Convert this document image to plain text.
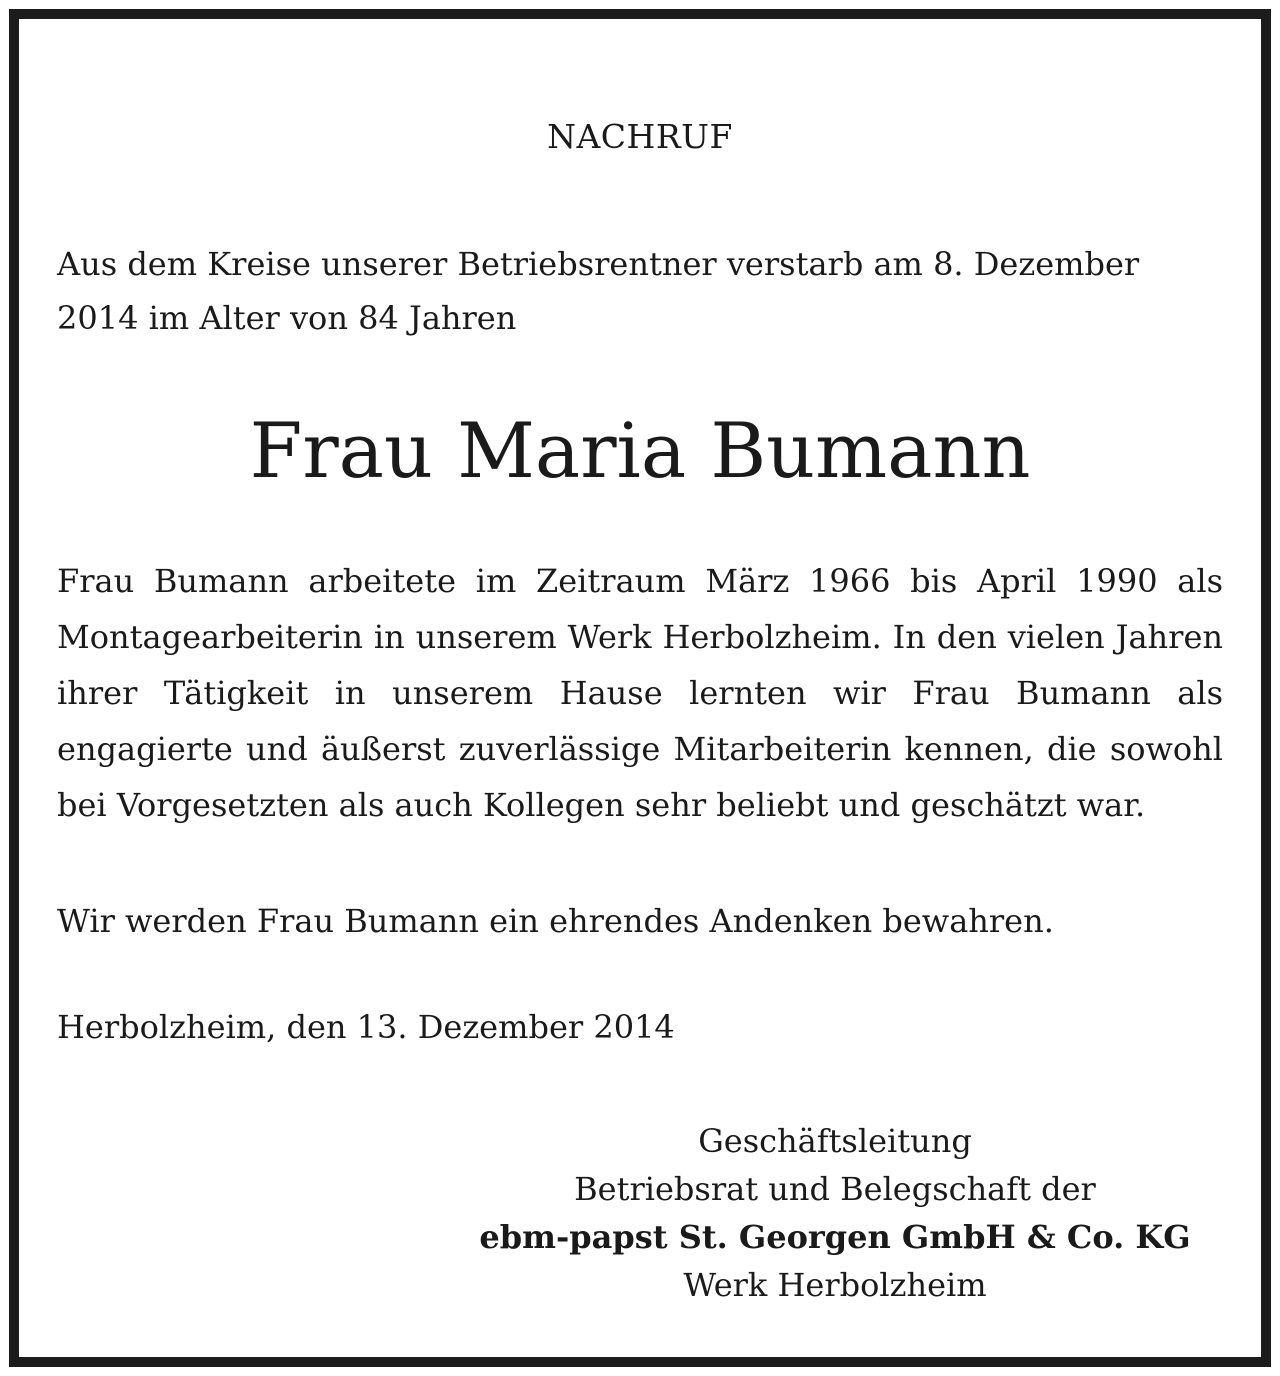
NACHRUF
Aus dem Kreise unserer Betriebsrentner verstarb am 8. Dezember 2014 im Alter von 84 Jahren
Frau Maria Bumann
Frau Bumann arbeitete im Zeitraum März 1966 bis April 1990 als Montagearbeiterin in unserem Werk Herbolzheim. In den vielen Jahren ihrer Tätigkeit in unserem Hause lernten wir Frau Bumann als engagierte und äußerst zuverlässige Mitarbeiterin kennen, die sowohl bei Vorgesetzten als auch Kollegen sehr beliebt und geschätzt war.
Wir werden Frau Bumann ein ehrendes Andenken bewahren.
Herbolzheim, den 13. Dezember 2014
Geschäftsleitung
Betriebsrat und Belegschaft der
ebm-papst St. Georgen GmbH & Co. KG
Werk Herbolzheim
